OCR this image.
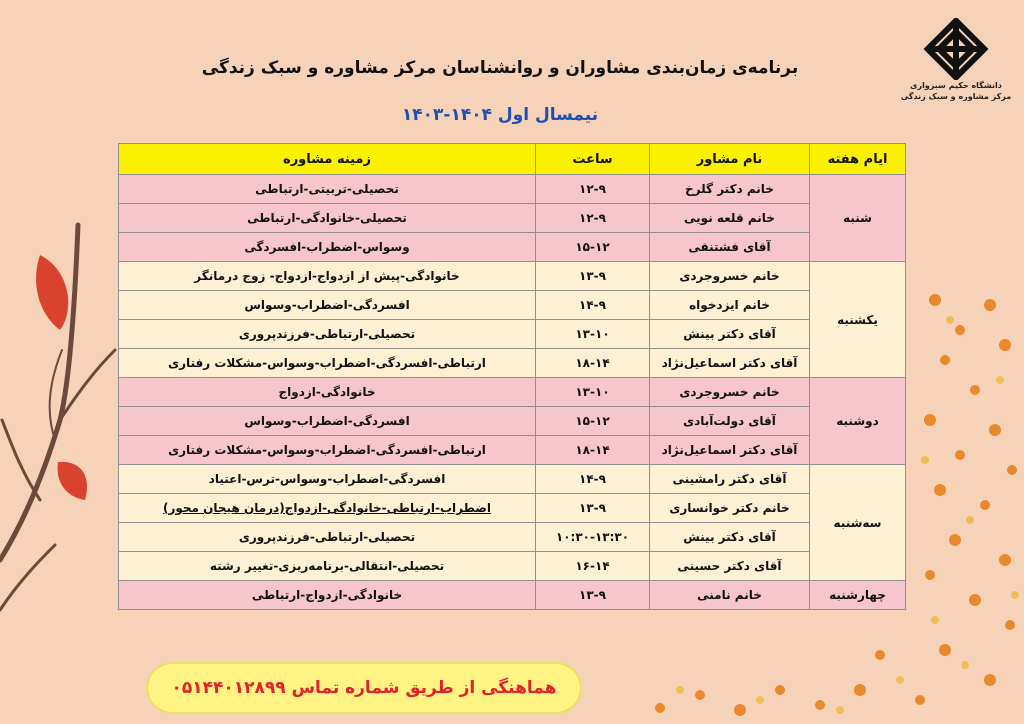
دانشگاه حکیم سبزواری
مرکز مشاوره و سبک زندگی
برنامه‌ی زمان‌بندی مشاوران و روانشناسان مرکز مشاوره و سبک زندگی
نیمسال اول ۱۴۰۴-۱۴۰۳
ایام هفته	نام مشاور	ساعت	زمینه مشاوره
شنبه	خانم دکتر گلرخ	۱۲-۹	تحصیلی-تربیتی-ارتباطی
	خانم قلعه نویی	۱۲-۹	تحصیلی-خانوادگی-ارتباطی
	آقای فشتنقی	۱۵-۱۲	وسواس-اضطراب-افسردگی
یکشنبه	خانم خسروجردی	۱۳-۹	خانوادگی-پیش از ازدواج-ازدواج- زوج درمانگر
	خانم ایزدخواه	۱۴-۹	افسردگی-اضطراب-وسواس
	آقای دکتر بینش	۱۳-۱۰	تحصیلی-ارتباطی-فرزندپروری
	آقای دکتر اسماعیل‌نژاد	۱۸-۱۴	ارتباطی-افسردگی-اضطراب-وسواس-مشکلات رفتاری
دوشنبه	خانم خسروجردی	۱۳-۱۰	خانوادگی-ازدواج
	آقای دولت‌آبادی	۱۵-۱۲	افسردگی-اضطراب-وسواس
	آقای دکتر اسماعیل‌نژاد	۱۸-۱۴	ارتباطی-افسردگی-اضطراب-وسواس-مشکلات رفتاری
سه‌شنبه	آقای دکتر رامشینی	۱۴-۹	افسردگی-اضطراب-وسواس-ترس-اعتیاد
	خانم دکتر خوانساری	۱۳-۹	اضطراب-ارتباطی-خانوادگی-ازدواج(درمان هیجان محور)
	آقای دکتر بینش	۱۰:۳۰-۱۳:۳۰	تحصیلی-ارتباطی-فرزندپروری
	آقای دکتر حسینی	۱۶-۱۴	تحصیلی-انتقالی-برنامه‌ریزی-تغییر رشته
چهارشنبه	خانم نامنی	۱۳-۹	خانوادگی-ازدواج-ارتباطی
هماهنگی از طریق شماره تماس ۰۵۱۴۴۰۱۲۸۹۹
